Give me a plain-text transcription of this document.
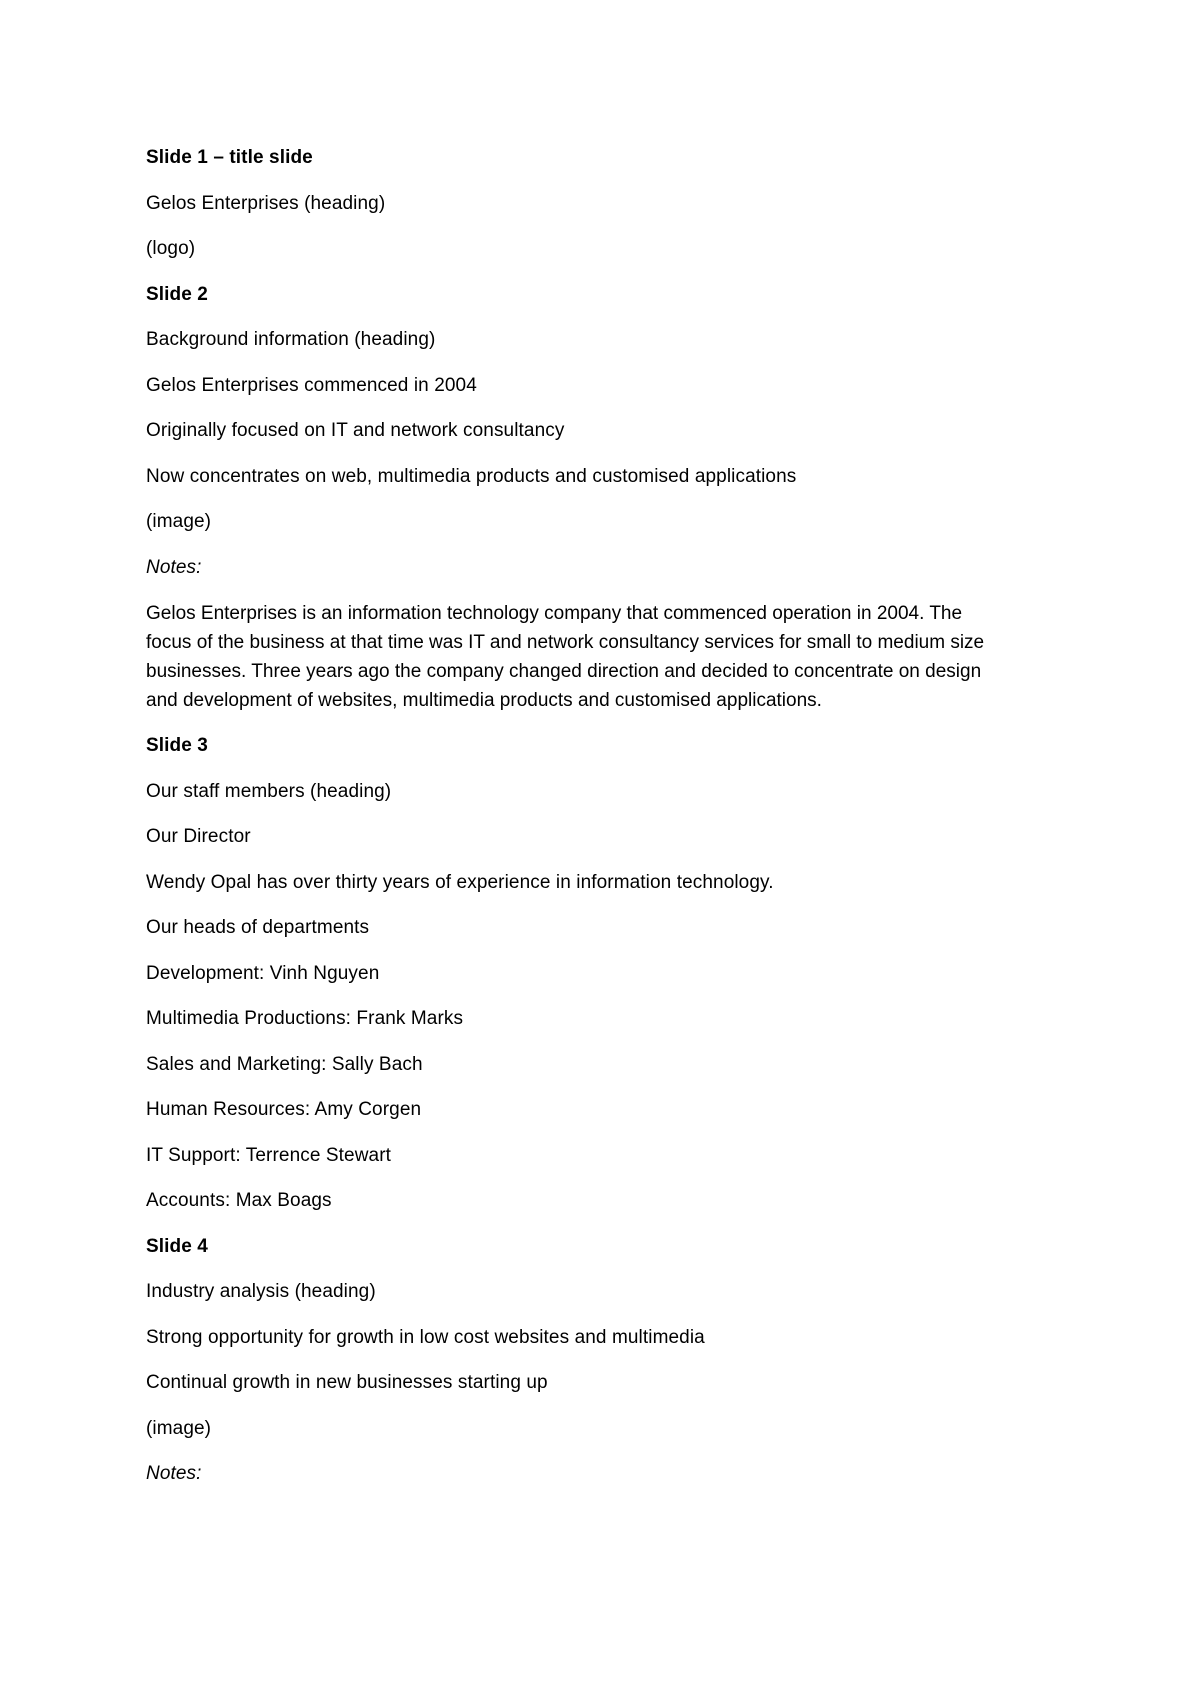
Slide 1 – title slide
Gelos Enterprises (heading)
(logo)
Slide 2
Background information (heading)
Gelos Enterprises commenced in 2004
Originally focused on IT and network consultancy
Now concentrates on web, multimedia products and customised applications
(image)
Notes:
Gelos Enterprises is an information technology company that commenced operation in 2004. The
focus of the business at that time was IT and network consultancy services for small to medium size
businesses. Three years ago the company changed direction and decided to concentrate on design
and development of websites, multimedia products and customised applications.
Slide 3
Our staff members (heading)
Our Director
Wendy Opal has over thirty years of experience in information technology.
Our heads of departments
Development: Vinh Nguyen
Multimedia Productions: Frank Marks
Sales and Marketing: Sally Bach
Human Resources: Amy Corgen
IT Support: Terrence Stewart
Accounts: Max Boags
Slide 4
Industry analysis (heading)
Strong opportunity for growth in low cost websites and multimedia
Continual growth in new businesses starting up
(image)
Notes:
